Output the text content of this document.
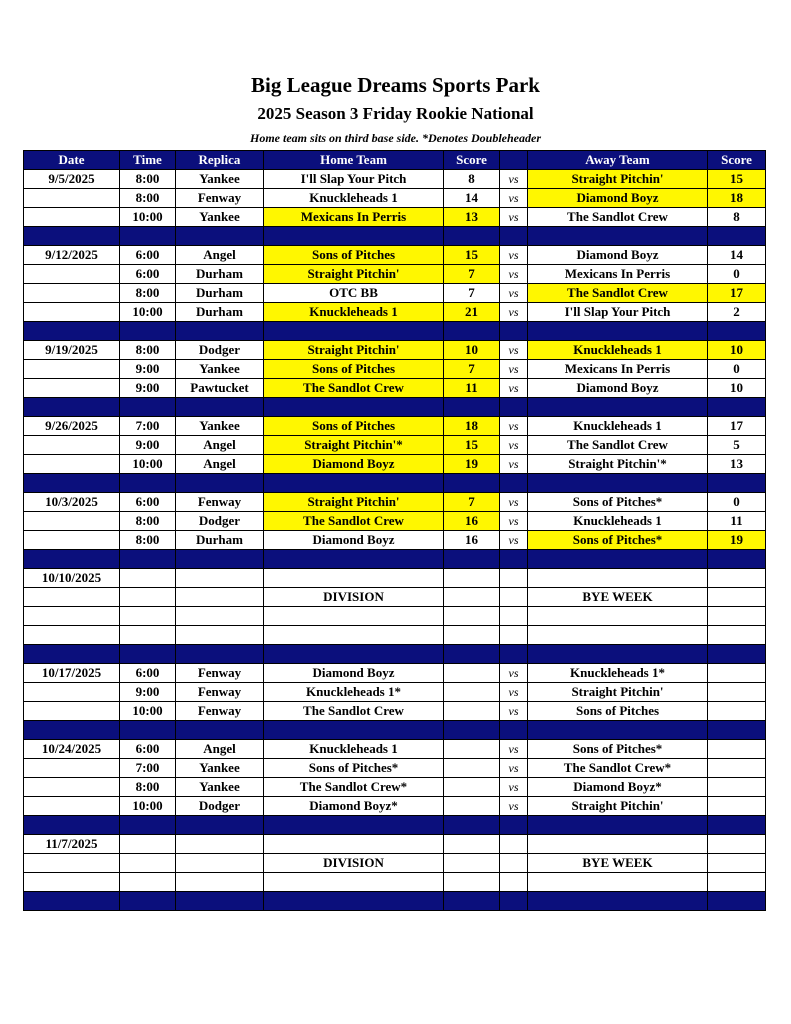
Big League Dreams Sports Park
2025 Season 3 Friday Rookie National
Home team sits on third base side. *Denotes Doubleheader
Date	Time	Replica	Home Team	Score		Away Team	Score
9/5/2025	8:00	Yankee	I'll Slap Your Pitch	8	vs	Straight Pitchin'	15
	8:00	Fenway	Knuckleheads 1	14	vs	Diamond Boyz	18
	10:00	Yankee	Mexicans In Perris	13	vs	The Sandlot Crew	8

9/12/2025	6:00	Angel	Sons of Pitches	15	vs	Diamond Boyz	14
	6:00	Durham	Straight Pitchin'	7	vs	Mexicans In Perris	0
	8:00	Durham	OTC BB	7	vs	The Sandlot Crew	17
	10:00	Durham	Knuckleheads 1	21	vs	I'll Slap Your Pitch	2

9/19/2025	8:00	Dodger	Straight Pitchin'	10	vs	Knuckleheads 1	10
	9:00	Yankee	Sons of Pitches	7	vs	Mexicans In Perris	0
	9:00	Pawtucket	The Sandlot Crew	11	vs	Diamond Boyz	10

9/26/2025	7:00	Yankee	Sons of Pitches	18	vs	Knuckleheads 1	17
	9:00	Angel	Straight Pitchin'*	15	vs	The Sandlot Crew	5
	10:00	Angel	Diamond Boyz	19	vs	Straight Pitchin'*	13

10/3/2025	6:00	Fenway	Straight Pitchin'	7	vs	Sons of Pitches*	0
	8:00	Dodger	The Sandlot Crew	16	vs	Knuckleheads 1	11
	8:00	Durham	Diamond Boyz	16	vs	Sons of Pitches*	19

10/10/2025							
			DIVISION			BYE WEEK	

10/17/2025	6:00	Fenway	Diamond Boyz		vs	Knuckleheads 1*	
	9:00	Fenway	Knuckleheads 1*		vs	Straight Pitchin'	
	10:00	Fenway	The Sandlot Crew		vs	Sons of Pitches	

10/24/2025	6:00	Angel	Knuckleheads 1		vs	Sons of Pitches*	
	7:00	Yankee	Sons of Pitches*		vs	The Sandlot Crew*	
	8:00	Yankee	The Sandlot Crew*		vs	Diamond Boyz*	
	10:00	Dodger	Diamond Boyz*		vs	Straight Pitchin'	

11/7/2025							
			DIVISION			BYE WEEK	
